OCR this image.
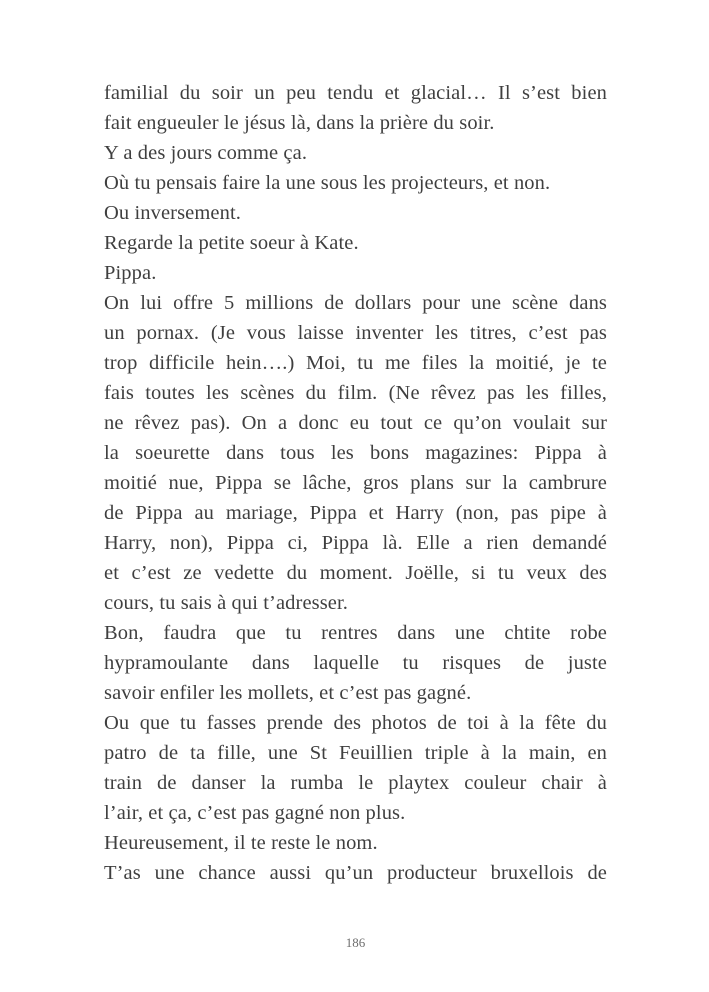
familial du soir un peu tendu et glacial… Il s’est bien
fait engueuler le jésus là, dans la prière du soir.
Y a des jours comme ça.
Où tu pensais faire la une sous les projecteurs, et non.
Ou inversement.
Regarde la petite soeur à Kate.
Pippa.
On lui offre 5 millions de dollars pour une scène dans
un pornax. (Je vous laisse inventer les titres, c’est pas
trop difficile hein….) Moi, tu me files la moitié, je te
fais toutes les scènes du film. (Ne rêvez pas les filles,
ne rêvez pas). On a donc eu tout ce qu’on voulait sur
la soeurette dans tous les bons magazines: Pippa à
moitié nue, Pippa se lâche, gros plans sur la cambrure
de Pippa au mariage, Pippa et Harry (non, pas pipe à
Harry, non), Pippa ci, Pippa là. Elle a rien demandé
et c’est ze vedette du moment. Joëlle, si tu veux des
cours, tu sais à qui t’adresser.
Bon, faudra que tu rentres dans une chtite robe
hypramoulante dans laquelle tu risques de juste
savoir enfiler les mollets, et c’est pas gagné.
Ou que tu fasses prende des photos de toi à la fête du
patro de ta fille, une St Feuillien triple à la main, en
train de danser la rumba le playtex couleur chair à
l’air, et ça, c’est pas gagné non plus.
Heureusement, il te reste le nom.
T’as une chance aussi qu’un producteur bruxellois de
186
